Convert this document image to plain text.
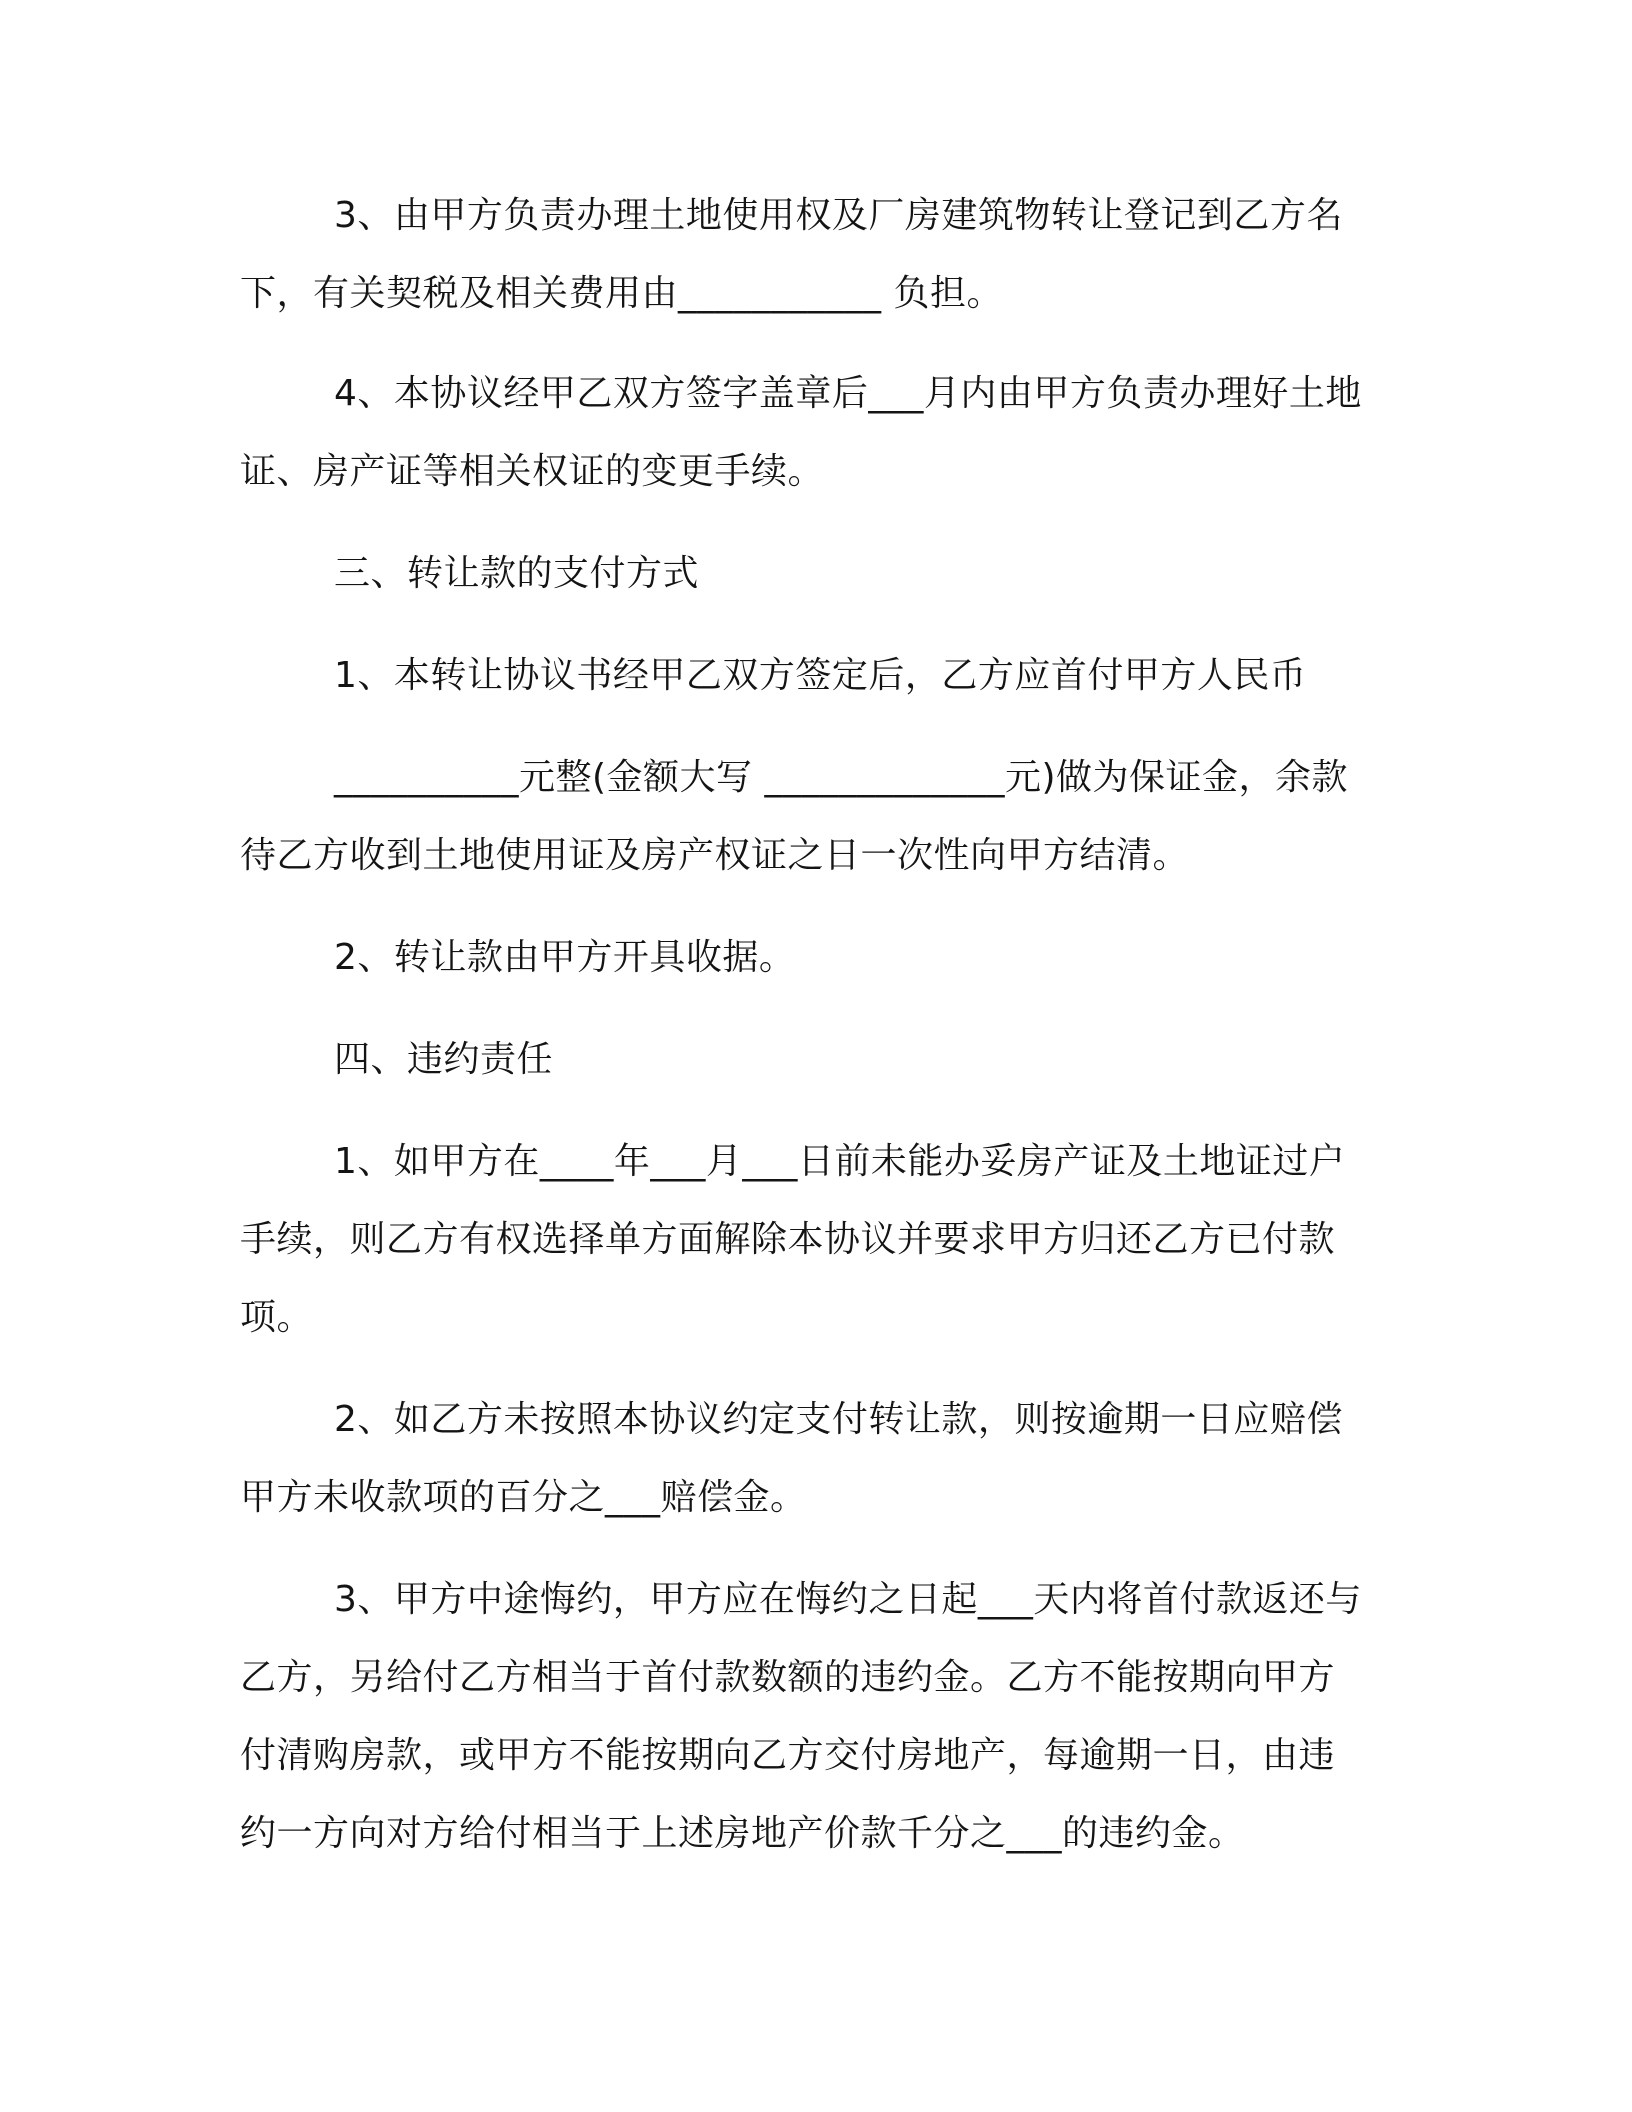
3、由甲方负责办理土地使用权及厂房建筑物转让登记到乙方名
下，有关契税及相关费用由___________ 负担。
4、本协议经甲乙双方签字盖章后___月内由甲方负责办理好土地
证、房产证等相关权证的变更手续。
三、转让款的支付方式
1、本转让协议书经甲乙双方签定后，乙方应首付甲方人民币
__________元整(金额大写 _____________元)做为保证金，余款
待乙方收到土地使用证及房产权证之日一次性向甲方结清。
2、转让款由甲方开具收据。
四、违约责任
1、如甲方在____年___月___日前未能办妥房产证及土地证过户
手续，则乙方有权选择单方面解除本协议并要求甲方归还乙方已付款
项。
2、如乙方未按照本协议约定支付转让款，则按逾期一日应赔偿
甲方未收款项的百分之___赔偿金。
3、甲方中途悔约，甲方应在悔约之日起___天内将首付款返还与
乙方，另给付乙方相当于首付款数额的违约金。乙方不能按期向甲方
付清购房款，或甲方不能按期向乙方交付房地产，每逾期一日，由违
约一方向对方给付相当于上述房地产价款千分之___的违约金。
